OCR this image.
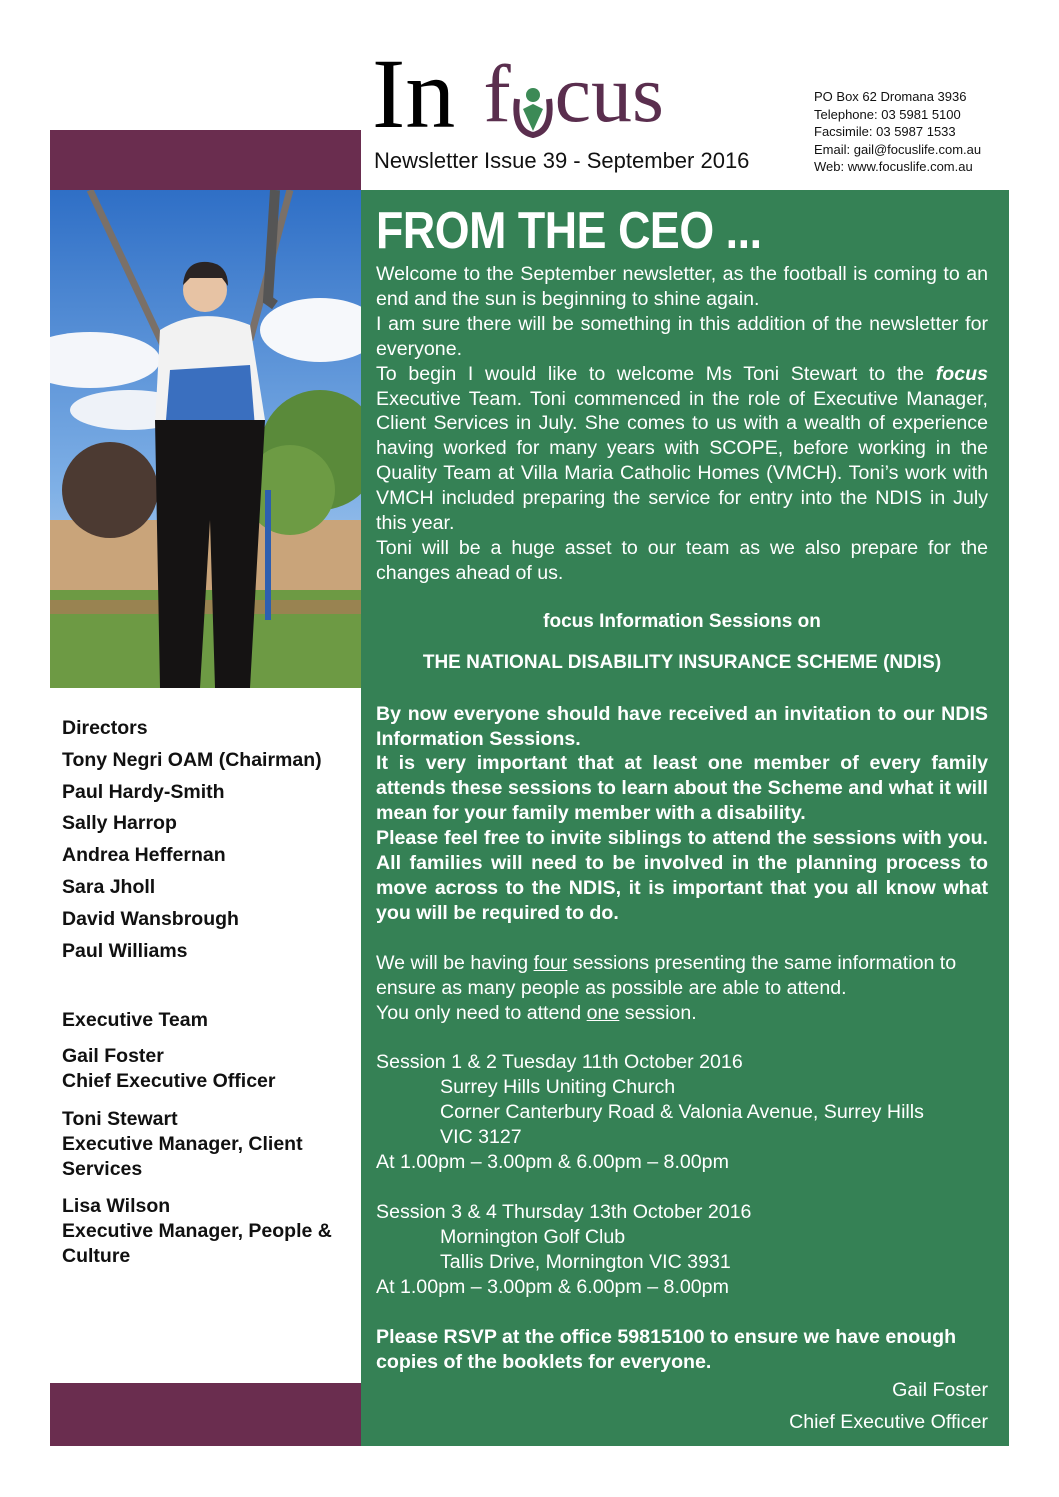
In f cus
Newsletter Issue 39 - September 2016
PO Box 62 Dromana 3936
Telephone: 03 5981 5100
Facsimile: 03 5987 1533
Email: gail@focuslife.com.au
Web: www.focuslife.com.au
Directors
Tony Negri OAM (Chairman)
Paul Hardy-Smith
Sally Harrop
Andrea Heffernan
Sara Jholl
David Wansbrough
Paul Williams
Executive Team
Gail Foster
Chief Executive Officer
Toni Stewart
Executive Manager, Client
Services
Lisa Wilson
Executive Manager, People &
Culture
FROM THE CEO ...
Welcome to the September newsletter, as the football is coming to an end and the sun is beginning to shine again.
I am sure there will be something in this addition of the newsletter for everyone.
To begin I would like to welcome Ms Toni Stewart to the focus Executive Team. Toni commenced in the role of Executive Manager, Client Services in July. She comes to us with a wealth of experience having worked for many years with SCOPE, before working in the Quality Team at Villa Maria Catholic Homes (VMCH). Toni’s work with VMCH included preparing the service for entry into the NDIS in July this year.
Toni will be a huge asset to our team as we also prepare for the changes ahead of us.
focus Information Sessions on
THE NATIONAL DISABILITY INSURANCE SCHEME (NDIS)
By now everyone should have received an invitation to our NDIS Information Sessions.
It is very important that at least one member of every family attends these sessions to learn about the Scheme and what it will mean for your family member with a disability.
Please feel free to invite siblings to attend the sessions with you. All families will need to be involved in the planning process to move across to the NDIS, it is important that you all know what you will be required to do.
We will be having four sessions presenting the same information to ensure as many people as possible are able to attend.
You only need to attend one session.
Session 1 & 2 Tuesday 11th October 2016
Surrey Hills Uniting Church
Corner Canterbury Road & Valonia Avenue, Surrey Hills
VIC 3127
At 1.00pm – 3.00pm & 6.00pm – 8.00pm
Session 3 & 4 Thursday 13th October 2016
Mornington Golf Club
Tallis Drive, Mornington VIC 3931
At 1.00pm – 3.00pm & 6.00pm – 8.00pm
Please RSVP at the office 59815100 to ensure we have enough copies of the booklets for everyone.
Gail Foster
Chief Executive Officer
